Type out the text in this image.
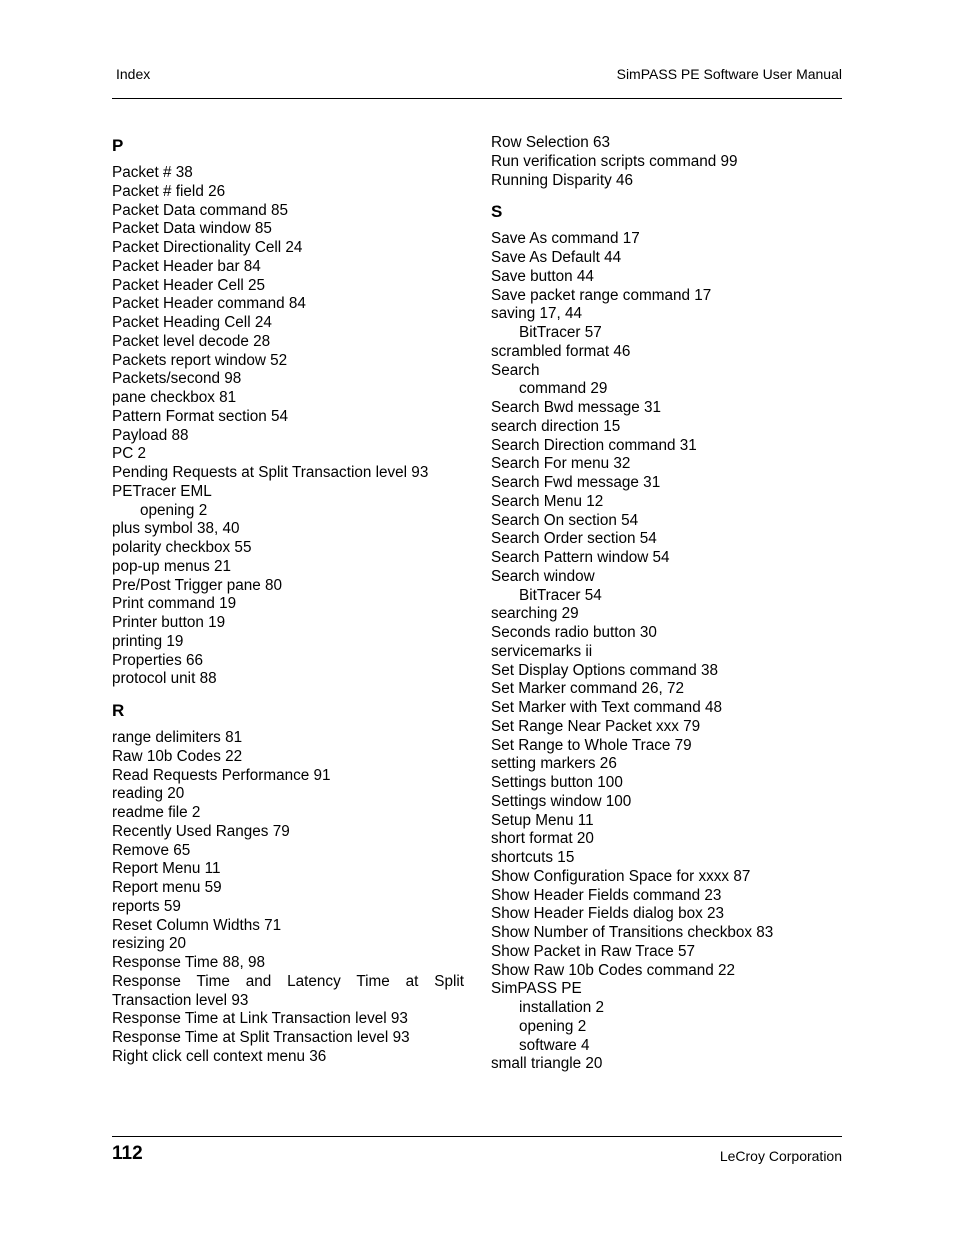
Index	SimPASS PE Software User Manual
P
Packet # 38
Packet # field 26
Packet Data command 85
Packet Data window 85
Packet Directionality Cell 24
Packet Header bar 84
Packet Header Cell 25
Packet Header command 84
Packet Heading Cell 24
Packet level decode 28
Packets report window 52
Packets/second 98
pane checkbox 81
Pattern Format section 54
Payload 88
PC 2
Pending Requests at Split Transaction level 93
PETracer EML
opening 2
plus symbol 38, 40
polarity checkbox 55
pop-up menus 21
Pre/Post Trigger pane 80
Print command 19
Printer button 19
printing 19
Properties 66
protocol unit 88
R
range delimiters 81
Raw 10b Codes 22
Read Requests Performance 91
reading 20
readme file 2
Recently Used Ranges 79
Remove 65
Report Menu 11
Report menu 59
reports 59
Reset Column Widths 71
resizing 20
Response Time 88, 98
Response Time and Latency Time at Split
Transaction level 93
Response Time at Link Transaction level 93
Response Time at Split Transaction level 93
Right click cell context menu 36
Row Selection 63
Run verification scripts command 99
Running Disparity 46
S
Save As command 17
Save As Default 44
Save button 44
Save packet range command 17
saving 17, 44
BitTracer 57
scrambled format 46
Search
command 29
Search Bwd message 31
search direction 15
Search Direction command 31
Search For menu 32
Search Fwd message 31
Search Menu 12
Search On section 54
Search Order section 54
Search Pattern window 54
Search window
BitTracer 54
searching 29
Seconds radio button 30
servicemarks ii
Set Display Options command 38
Set Marker command 26, 72
Set Marker with Text command 48
Set Range Near Packet xxx 79
Set Range to Whole Trace 79
setting markers 26
Settings button 100
Settings window 100
Setup Menu 11
short format 20
shortcuts 15
Show Configuration Space for xxxx 87
Show Header Fields command 23
Show Header Fields dialog box 23
Show Number of Transitions checkbox 83
Show Packet in Raw Trace 57
Show Raw 10b Codes command 22
SimPASS PE
installation 2
opening 2
software 4
small triangle 20
112	LeCroy Corporation
